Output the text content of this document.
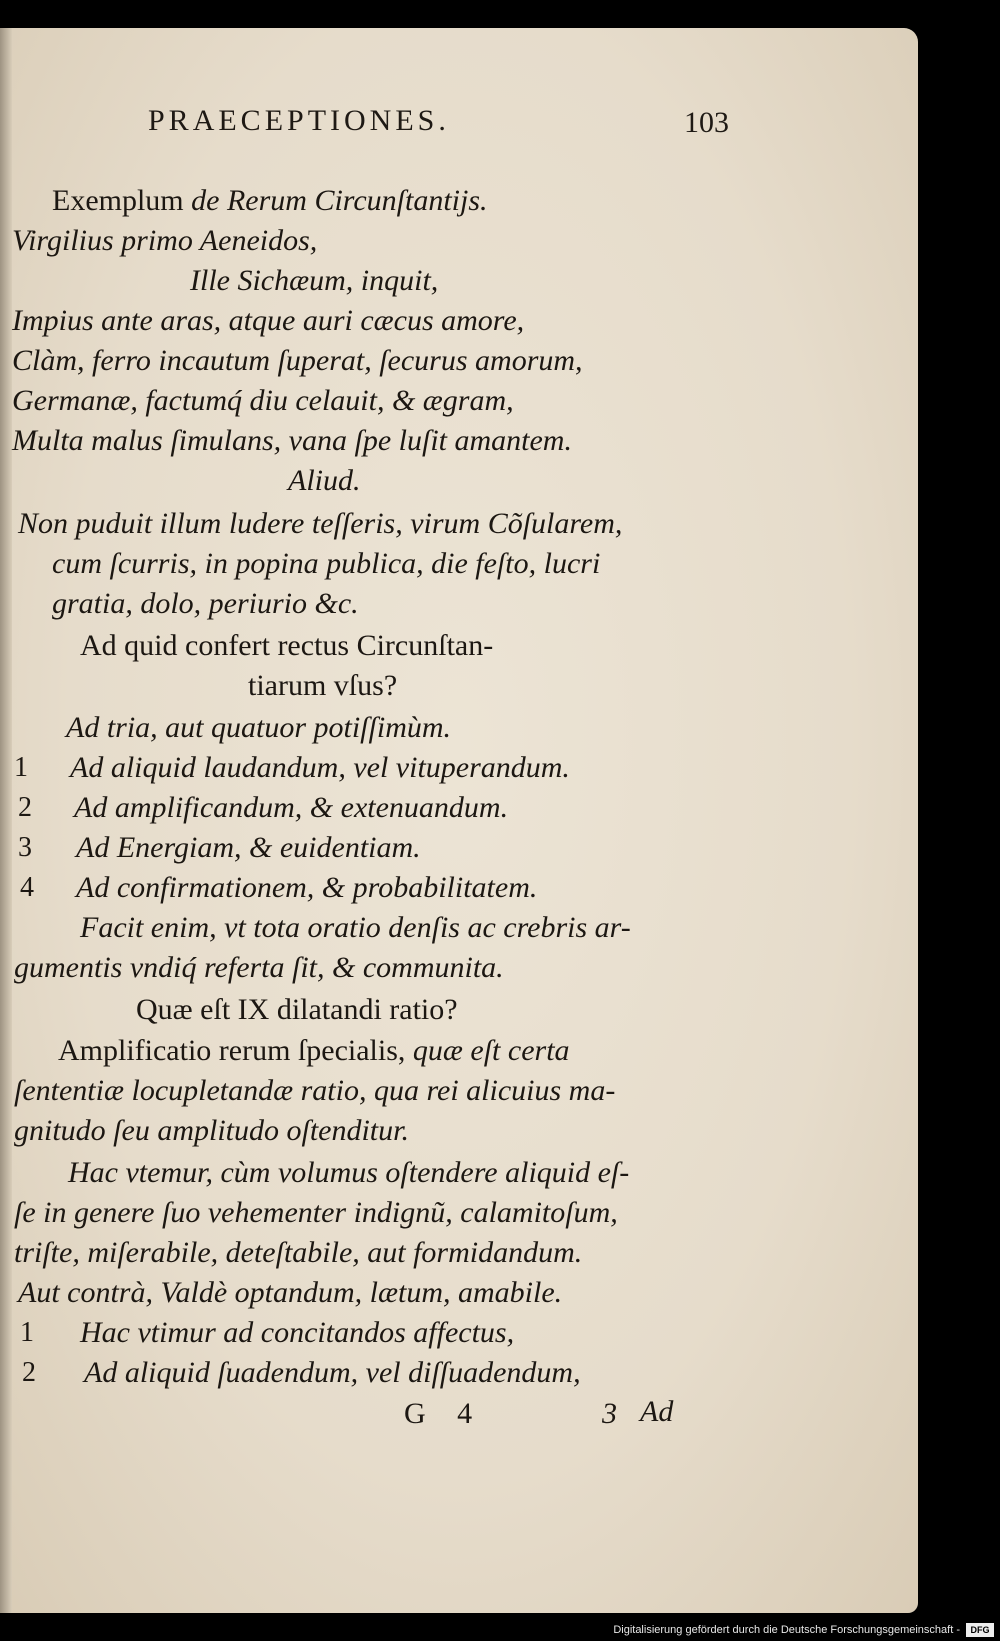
PRAECEPTIONES.	103
Exemplum de Rerum Circunſtantijs.
Virgilius primo Aeneidos,
Ille Sichæum, inquit,
Impius ante aras, atque auri cæcus amore,
Clàm, ferro incautum ſuperat, ſecurus amorum,
Germanæ, factumq́ diu celauit, & ægram,
Multa malus ſimulans, vana ſpe luſit amantem.
Aliud.
Non puduit illum ludere teſſeris, virum Cõſularem,
cum ſcurris, in popina publica, die feſto, lucri
gratia, dolo, periurio &c.
Ad quid confert rectus Circunſtan-
tiarum vſus?
Ad tria, aut quatuor potiſſimùm.
Ad aliquid laudandum, vel vituperandum.
Ad amplificandum, & extenuandum.
Ad Energiam, & euidentiam.
Ad confirmationem, & probabilitatem.
Facit enim, vt tota oratio denſis ac crebris ar-
gumentis vndiq́ referta ſit, & communita.
Quæ eſt IX dilatandi ratio?
Amplificatio rerum ſpecialis, quæ eſt certa
ſententiæ locupletandæ ratio, qua rei alicuius ma-
gnitudo ſeu amplitudo oſtenditur.
Hac vtemur, cùm volumus oſtendere aliquid eſ-
ſe in genere ſuo vehementer indignũ, calamitoſum,
triſte, miſerabile, deteſtabile, aut formidandum.
Aut contrà, Valdè optandum, lætum, amabile.
Hac vtimur ad concitandos affectus,
Ad aliquid ſuadendum, vel diſſuadendum,
1
2
3
4
1
2
G 4	3 Ad
Digitalisierung gefördert durch die Deutsche Forschungsgemeinschaft -	DFG
